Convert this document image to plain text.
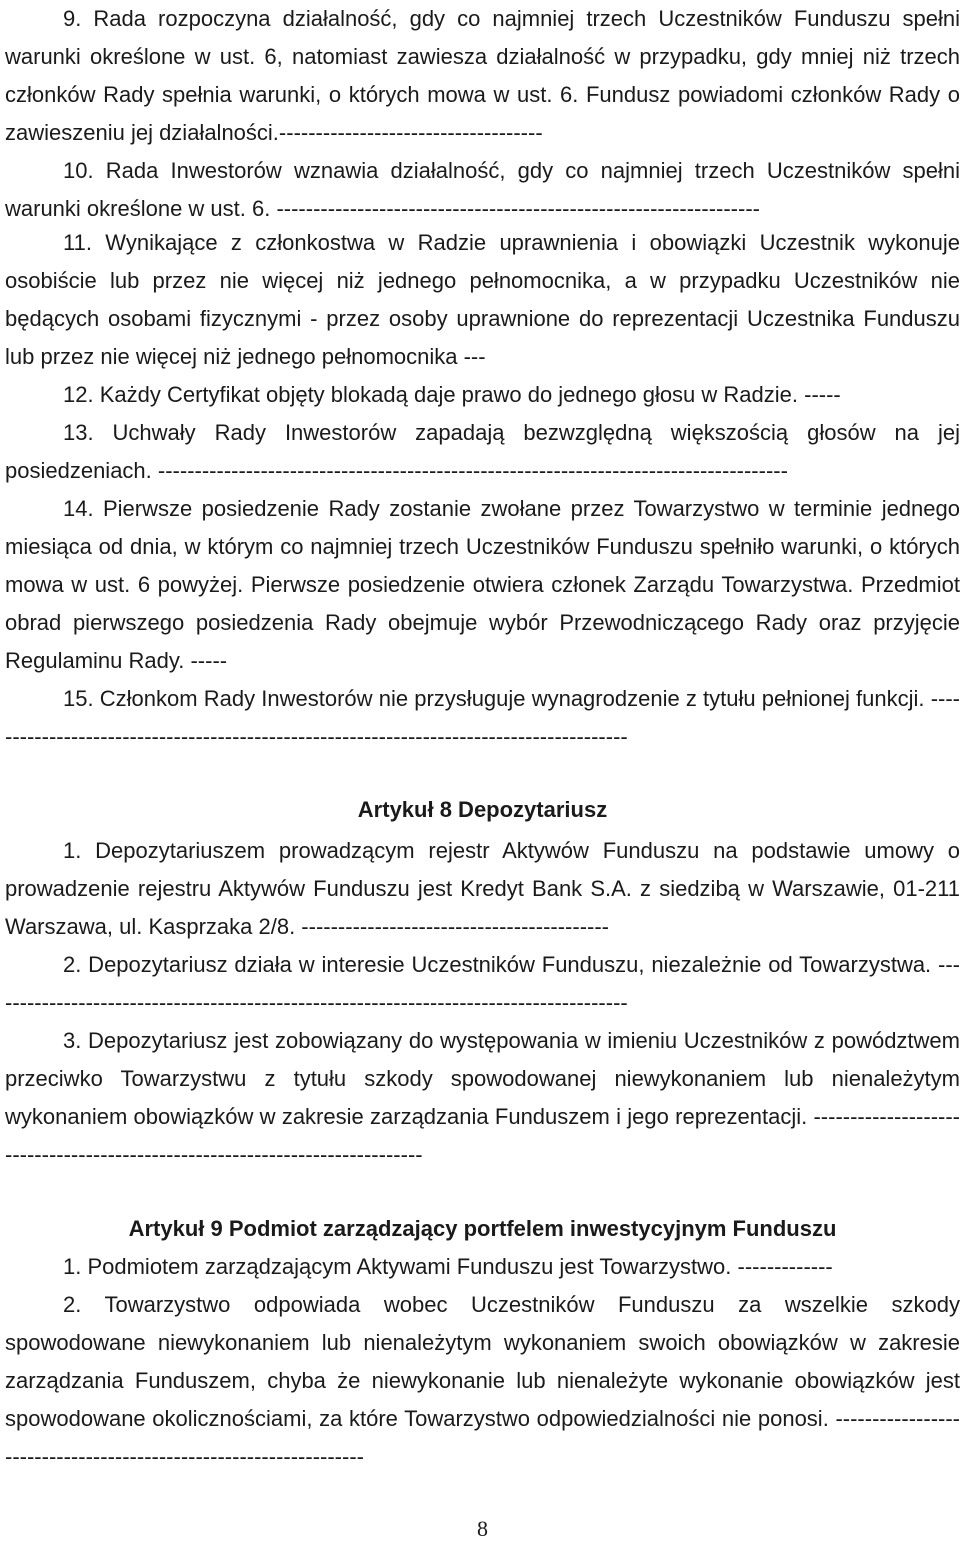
9. Rada rozpoczyna działalność, gdy co najmniej trzech Uczestników Funduszu spełni warunki określone w ust. 6, natomiast zawiesza działalność w przypadku, gdy mniej niż trzech członków Rady spełnia warunki, o których mowa w ust. 6. Fundusz powiadomi członków Rady o zawieszeniu jej działalności.------------------------------------
10. Rada Inwestorów wznawia działalność, gdy co najmniej trzech Uczestników spełni warunki określone w ust. 6. ------------------------------------------------------------------
11. Wynikające z członkostwa w Radzie uprawnienia i obowiązki Uczestnik wykonuje osobiście lub przez nie więcej niż jednego pełnomocnika, a w przypadku Uczestników nie będących osobami fizycznymi - przez osoby uprawnione do reprezentacji Uczestnika Funduszu lub przez nie więcej niż jednego pełnomocnika ---
12. Każdy Certyfikat objęty blokadą daje prawo do jednego głosu w Radzie. -----
13. Uchwały Rady Inwestorów zapadają bezwzględną większością głosów na jej posiedzeniach. --------------------------------------------------------------------------------------
14. Pierwsze posiedzenie Rady zostanie zwołane przez Towarzystwo w terminie jednego miesiąca od dnia, w którym co najmniej trzech Uczestników Funduszu spełniło warunki, o których mowa w ust. 6 powyżej. Pierwsze posiedzenie otwiera członek Zarządu Towarzystwa. Przedmiot obrad pierwszego posiedzenia Rady obejmuje wybór Przewodniczącego Rady oraz przyjęcie Regulaminu Rady. -----
15. Członkom Rady Inwestorów nie przysługuje wynagrodzenie z tytułu pełnionej funkcji. -----------------------------------------------------------------------------------------
Artykuł 8 Depozytariusz
1. Depozytariuszem prowadzącym rejestr Aktywów Funduszu na podstawie umowy o prowadzenie rejestru Aktywów Funduszu jest Kredyt Bank S.A. z siedzibą w Warszawie, 01-211 Warszawa, ul. Kasprzaka 2/8. ------------------------------------------
2. Depozytariusz działa w interesie Uczestników Funduszu, niezależnie od Towarzystwa. ----------------------------------------------------------------------------------------
3. Depozytariusz jest zobowiązany do występowania w imieniu Uczestników z powództwem przeciwko Towarzystwu z tytułu szkody spowodowanej niewykonaniem lub nienależytym wykonaniem obowiązków w zakresie zarządzania Funduszem i jego reprezentacji. -----------------------------------------------------------------------------
Artykuł 9 Podmiot zarządzający portfelem inwestycyjnym Funduszu
1. Podmiotem zarządzającym Aktywami Funduszu jest Towarzystwo. -------------
2. Towarzystwo odpowiada wobec Uczestników Funduszu za wszelkie szkody spowodowane niewykonaniem lub nienależytym wykonaniem swoich obowiązków w zakresie zarządzania Funduszem, chyba że niewykonanie lub nienależyte wykonanie obowiązków jest spowodowane okolicznościami, za które Towarzystwo odpowiedzialności nie ponosi. ------------------------------------------------------------------
8
